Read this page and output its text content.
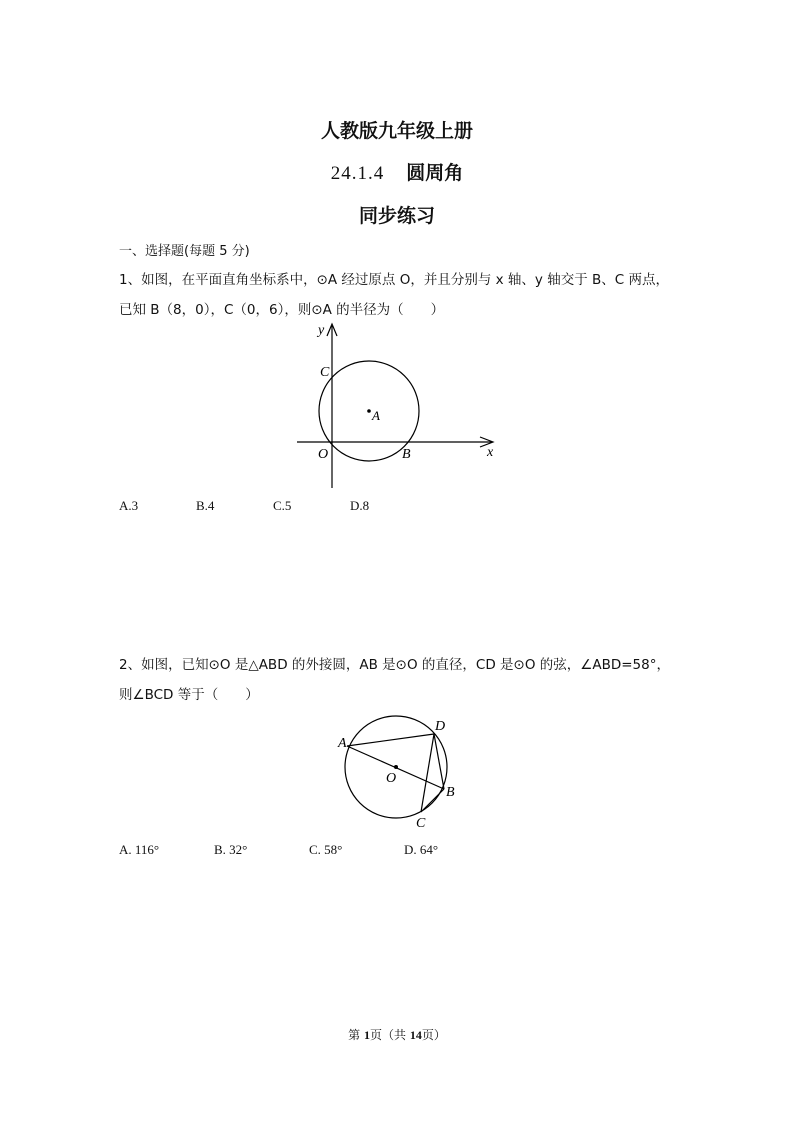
人教版九年级上册
24.1.4 圆周角
同步练习
一、选择题(每题 5 分)
1、如图，在平面直角坐标系中，⊙A 经过原点 O，并且分别与 x 轴、y 轴交于 B、C 两点，
已知 B（8，0），C（0，6），则⊙A 的半径为（　　）
y
x
C
A
O	B
A.3	B.4	C.5	D.8
2、如图，已知⊙O 是△ABD 的外接圆，AB 是⊙O 的直径，CD 是⊙O 的弦，∠ABD=58°，
则∠BCD 等于（　　）
A
D
O
B
C
A. 116°	B. 32°	C. 58°	D. 64°
第 1页（共 14页）
